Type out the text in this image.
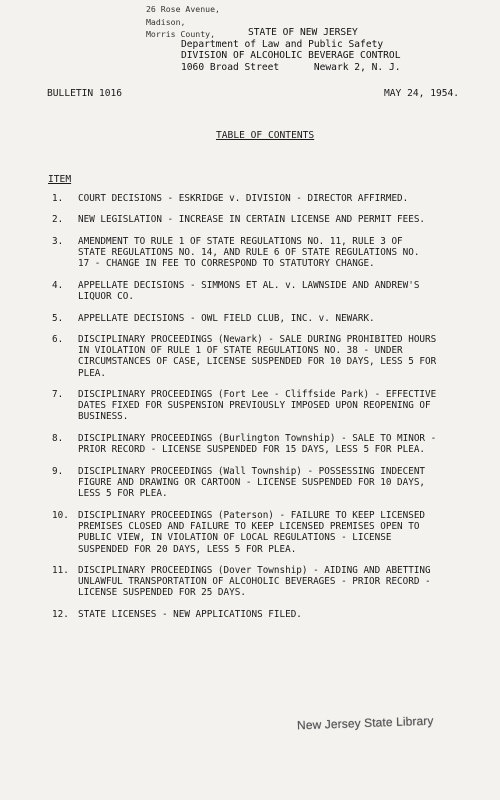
26 Rose Avenue,
Madison,
Morris County,	STATE OF NEW JERSEY
Department of Law and Public Safety
DIVISION OF ALCOHOLIC BEVERAGE CONTROL
1060 Broad Street	Newark 2, N. J.
BULLETIN 1016	MAY 24, 1954.
TABLE OF CONTENTS
ITEM
1. COURT DECISIONS - ESKRIDGE v. DIVISION - DIRECTOR AFFIRMED.
2. NEW LEGISLATION - INCREASE IN CERTAIN LICENSE AND PERMIT FEES.
3. AMENDMENT TO RULE 1 OF STATE REGULATIONS NO. 11, RULE 3 OF
STATE REGULATIONS NO. 14, AND RULE 6 OF STATE REGULATIONS NO.
17 - CHANGE IN FEE TO CORRESPOND TO STATUTORY CHANGE.
4. APPELLATE DECISIONS - SIMMONS ET AL. v. LAWNSIDE AND ANDREW'S
LIQUOR CO.
5. APPELLATE DECISIONS - OWL FIELD CLUB, INC. v. NEWARK.
6. DISCIPLINARY PROCEEDINGS (Newark) - SALE DURING PROHIBITED HOURS
IN VIOLATION OF RULE 1 OF STATE REGULATIONS NO. 38 - UNDER
CIRCUMSTANCES OF CASE, LICENSE SUSPENDED FOR 10 DAYS, LESS 5 FOR
PLEA.
7. DISCIPLINARY PROCEEDINGS (Fort Lee - Cliffside Park) - EFFECTIVE
DATES FIXED FOR SUSPENSION PREVIOUSLY IMPOSED UPON REOPENING OF
BUSINESS.
8. DISCIPLINARY PROCEEDINGS (Burlington Township) - SALE TO MINOR -
PRIOR RECORD - LICENSE SUSPENDED FOR 15 DAYS, LESS 5 FOR PLEA.
9. DISCIPLINARY PROCEEDINGS (Wall Township) - POSSESSING INDECENT
FIGURE AND DRAWING OR CARTOON - LICENSE SUSPENDED FOR 10 DAYS,
LESS 5 FOR PLEA.
10. DISCIPLINARY PROCEEDINGS (Paterson) - FAILURE TO KEEP LICENSED
PREMISES CLOSED AND FAILURE TO KEEP LICENSED PREMISES OPEN TO
PUBLIC VIEW, IN VIOLATION OF LOCAL REGULATIONS - LICENSE
SUSPENDED FOR 20 DAYS, LESS 5 FOR PLEA.
11. DISCIPLINARY PROCEEDINGS (Dover Township) - AIDING AND ABETTING
UNLAWFUL TRANSPORTATION OF ALCOHOLIC BEVERAGES - PRIOR RECORD -
LICENSE SUSPENDED FOR 25 DAYS.
12. STATE LICENSES - NEW APPLICATIONS FILED.
New Jersey State Library
